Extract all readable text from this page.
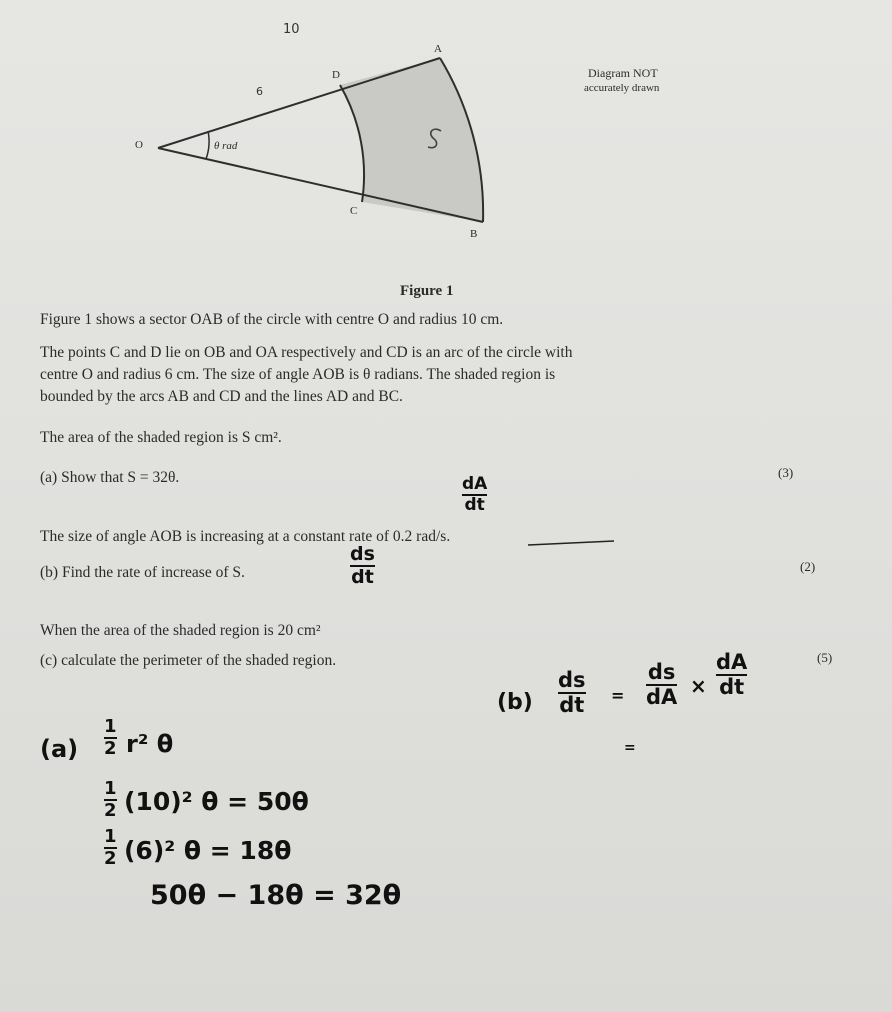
O
A
B
C
D
θ rad
10
6
Diagram NOT
accurately drawn
Figure 1
Figure 1 shows a sector OAB of the circle with centre O and radius 10 cm.
The points C and D lie on OB and OA respectively and CD is an arc of the circle with
centre O and radius 6 cm. The size of angle AOB is θ radians. The shaded region is
bounded by the arcs AB and CD and the lines AD and BC.
The area of the shaded region is S cm².
(a) Show that S = 32θ.	(3)
The size of angle AOB is increasing at a constant rate of 0.2 rad/s.
(b) Find the rate of increase of S.	(2)
When the area of the shaded region is 20 cm²
(c) calculate the perimeter of the shaded region.	(5)
dA
dt
ds
dt
(b)
ds
dt =
ds
dA ×
dA
dt
=
(a)
1
2 r² θ
1
2 (10)² θ = 50θ
1
2 (6)² θ = 18θ
50θ − 18θ = 32θ
